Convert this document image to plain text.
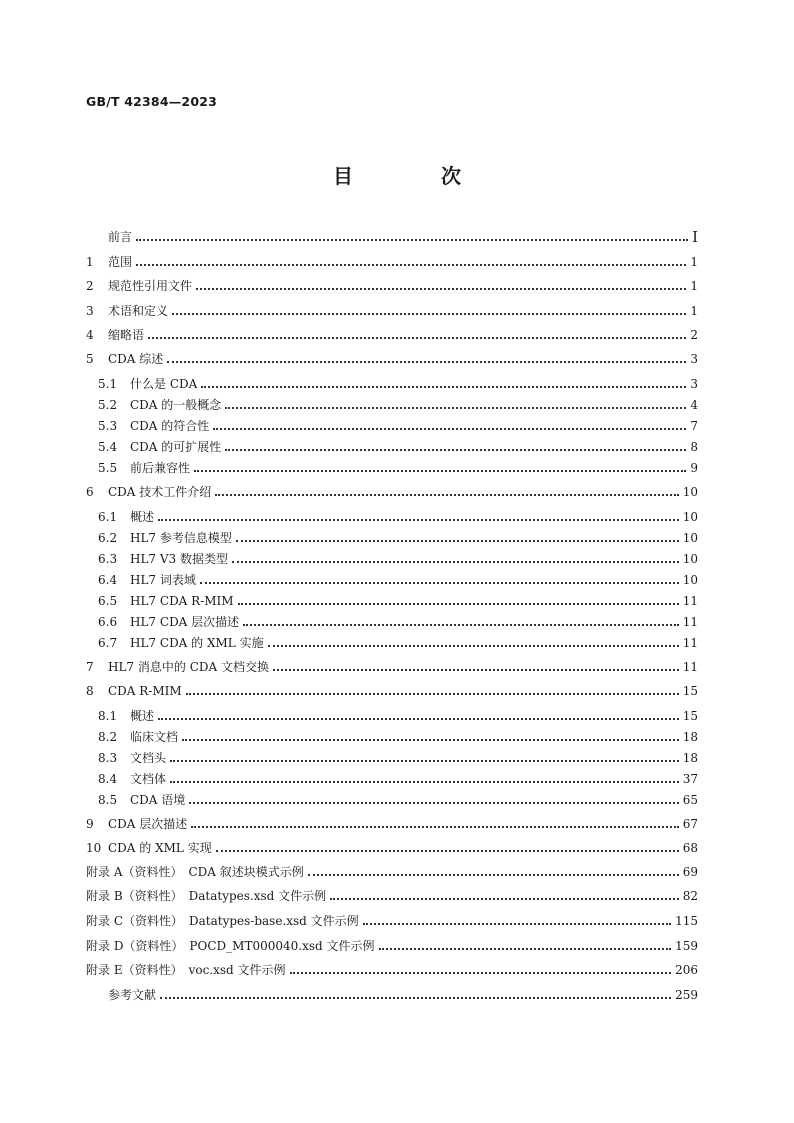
GB/T 42384—2023
目　次
前言	I
1	范围	1
2	规范性引用文件	1
3	术语和定义	1
4	缩略语	2
5	CDA 综述	3
5.1	什么是 CDA	3
5.2	CDA 的一般概念	4
5.3	CDA 的符合性	7
5.4	CDA 的可扩展性	8
5.5	前后兼容性	9
6	CDA 技术工件介绍	10
6.1	概述	10
6.2	HL7 参考信息模型	10
6.3	HL7 V3 数据类型	10
6.4	HL7 词表域	10
6.5	HL7 CDA R-MIM	11
6.6	HL7 CDA 层次描述	11
6.7	HL7 CDA 的 XML 实施	11
7	HL7 消息中的 CDA 文档交换	11
8	CDA R-MIM	15
8.1	概述	15
8.2	临床文档	18
8.3	文档头	18
8.4	文档体	37
8.5	CDA 语境	65
9	CDA 层次描述	67
10 CDA 的 XML 实现	68
附录 A（资料性）　CDA 叙述块模式示例	69
附录 B（资料性）　Datatypes.xsd 文件示例	82
附录 C（资料性）　Datatypes-base.xsd 文件示例	115
附录 D（资料性）　POCD_MT000040.xsd 文件示例	159
附录 E（资料性）　voc.xsd 文件示例	206
参考文献	259
